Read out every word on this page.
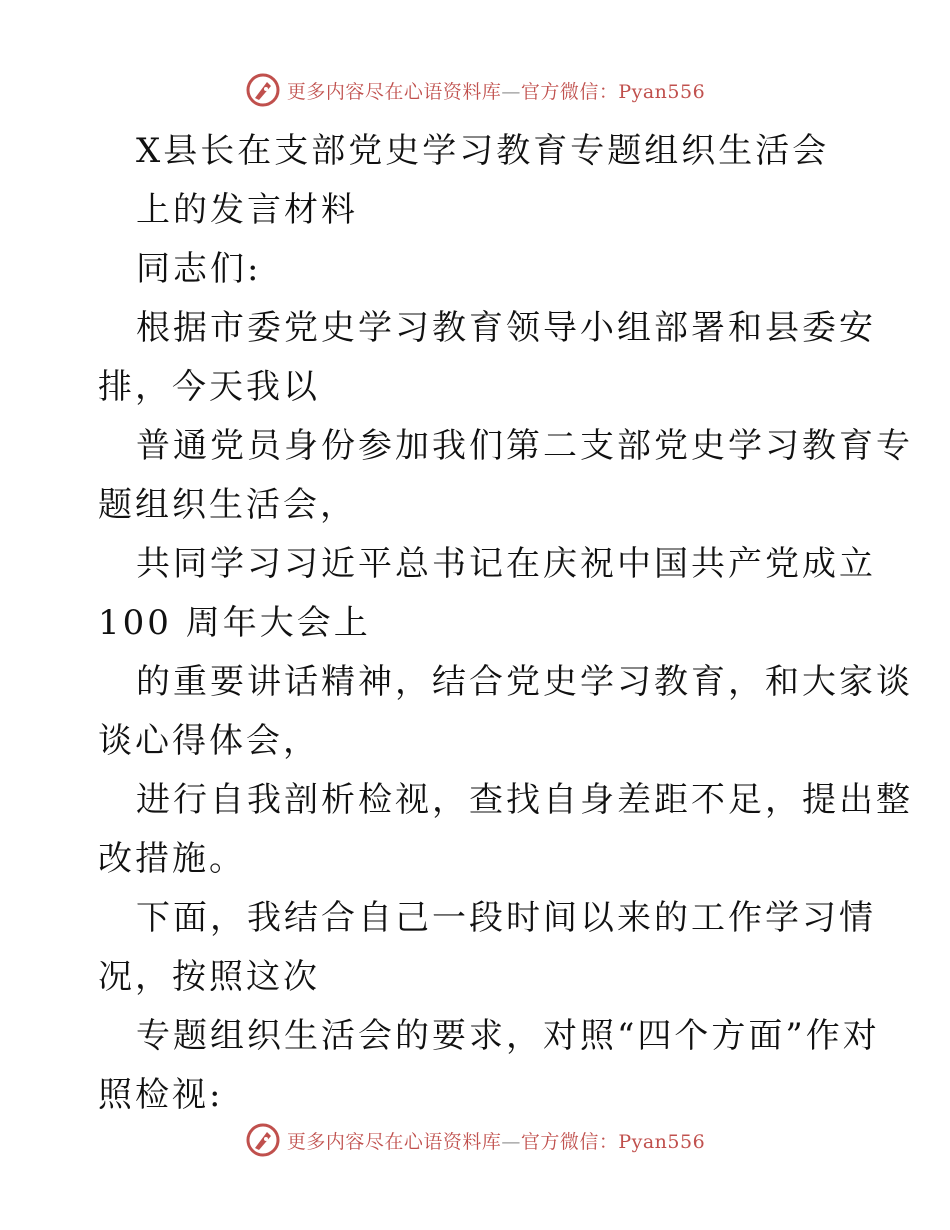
更多内容尽在心语资料库—官方微信：Pyan556
X县长在支部党史学习教育专题组织生活会
上的发言材料
同志们:
根据市委党史学习教育领导小组部署和县委安
排，今天我以
普通党员身份参加我们第二支部党史学习教育专
题组织生活会，
共同学习习近平总书记在庆祝中国共产党成立
100 周年大会上
的重要讲话精神，结合党史学习教育，和大家谈
谈心得体会，
进行自我剖析检视，查找自身差距不足，提出整
改措施。
下面，我结合自己一段时间以来的工作学习情
况，按照这次
专题组织生活会的要求，对照“四个方面”作对
照检视:
更多内容尽在心语资料库—官方微信：Pyan556
